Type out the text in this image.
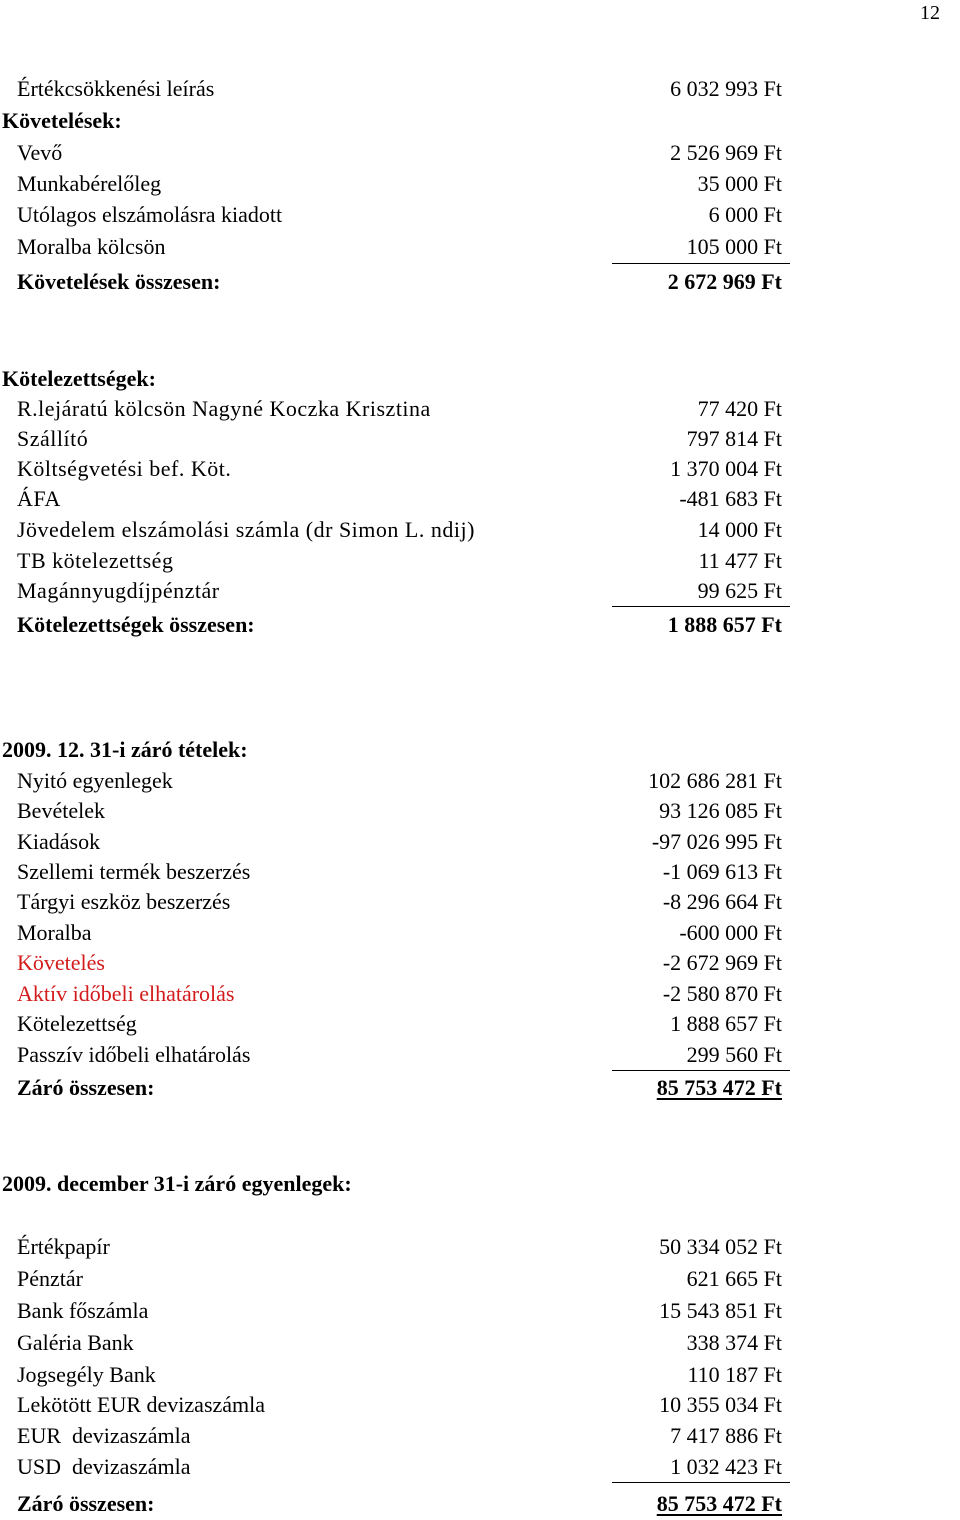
12
Értékcsökkenési leírás	6 032 993 Ft
Követelések:
Vevő	2 526 969 Ft
Munkabérelőleg	35 000 Ft
Utólagos elszámolásra kiadott	6 000 Ft
Moralba kölcsön	105 000 Ft
Követelések összesen:	2 672 969 Ft
Kötelezettségek:
R.lejáratú kölcsön Nagyné Koczka Krisztina	77 420 Ft
Szállító	797 814 Ft
Költségvetési bef. Köt.	1 370 004 Ft
ÁFA	-481 683 Ft
Jövedelem elszámolási számla (dr Simon L. ndij)	14 000 Ft
TB kötelezettség	11 477 Ft
Magánnyugdíjpénztár	99 625 Ft
Kötelezettségek összesen:	1 888 657 Ft
2009. 12. 31-i záró tételek:
Nyitó egyenlegek	102 686 281 Ft
Bevételek	93 126 085 Ft
Kiadások	-97 026 995 Ft
Szellemi termék beszerzés	-1 069 613 Ft
Tárgyi eszköz beszerzés	-8 296 664 Ft
Moralba	-600 000 Ft
Követelés	-2 672 969 Ft
Aktív időbeli elhatárolás	-2 580 870 Ft
Kötelezettség	1 888 657 Ft
Passzív időbeli elhatárolás	299 560 Ft
Záró összesen:	85 753 472 Ft
2009. december 31-i záró egyenlegek:
Értékpapír	50 334 052 Ft
Pénztár	621 665 Ft
Bank főszámla	15 543 851 Ft
Galéria Bank	338 374 Ft
Jogsegély Bank	110 187 Ft
Lekötött EUR devizaszámla	10 355 034 Ft
EUR  devizaszámla	7 417 886 Ft
USD  devizaszámla	1 032 423 Ft
Záró összesen:	85 753 472 Ft
